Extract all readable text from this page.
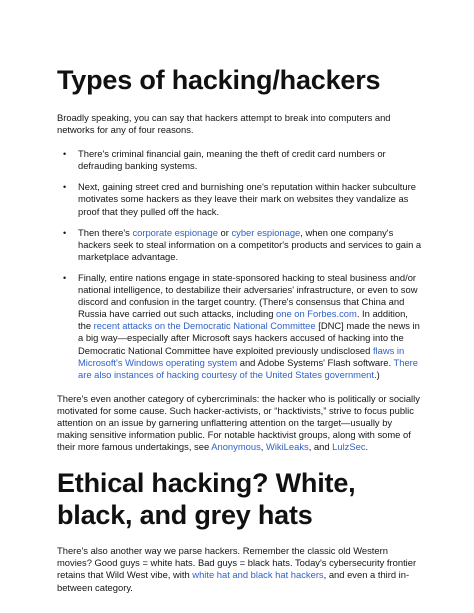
Types of hacking/hackers

Broadly speaking, you can say that hackers attempt to break into computers and networks for any of four reasons.

• There's criminal financial gain, meaning the theft of credit card numbers or defrauding banking systems.
• Next, gaining street cred and burnishing one's reputation within hacker subculture motivates some hackers as they leave their mark on websites they vandalize as proof that they pulled off the hack.
• Then there's corporate espionage or cyber espionage, when one company's hackers seek to steal information on a competitor's products and services to gain a marketplace advantage.
• Finally, entire nations engage in state-sponsored hacking to steal business and/or national intelligence, to destabilize their adversaries' infrastructure, or even to sow discord and confusion in the target country. (There's consensus that China and Russia have carried out such attacks, including one on Forbes.com. In addition, the recent attacks on the Democratic National Committee [DNC] made the news in a big way—especially after Microsoft says hackers accused of hacking into the Democratic National Committee have exploited previously undisclosed flaws in Microsoft's Windows operating system and Adobe Systems' Flash software. There are also instances of hacking courtesy of the United States government.)

There's even another category of cybercriminals: the hacker who is politically or socially motivated for some cause. Such hacker-activists, or “hacktivists,” strive to focus public attention on an issue by garnering unflattering attention on the target—usually by making sensitive information public. For notable hacktivist groups, along with some of their more famous undertakings, see Anonymous, WikiLeaks, and LulzSec.

Ethical hacking? White, black, and grey hats

There's also another way we parse hackers. Remember the classic old Western movies? Good guys = white hats. Bad guys = black hats. Today's cybersecurity frontier retains that Wild West vibe, with white hat and black hat hackers, and even a third in-between category.
